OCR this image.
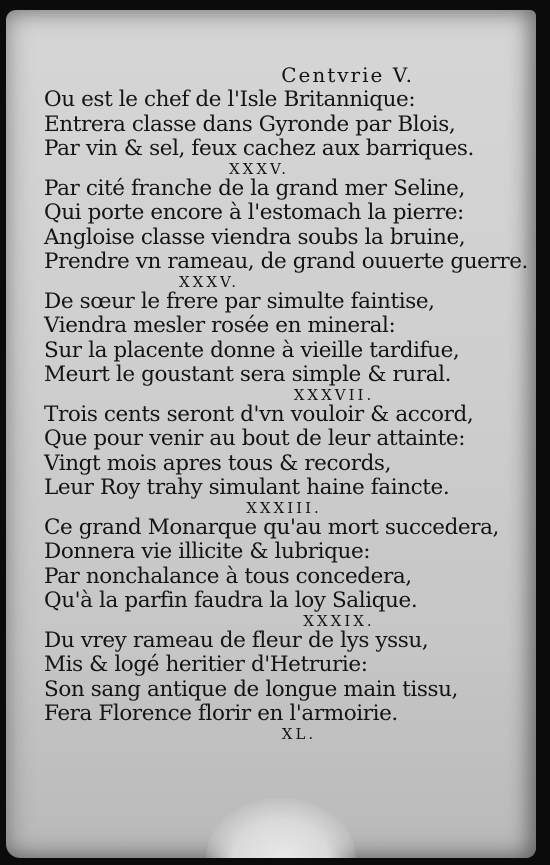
Centvrie V.
Ou est le chef de l'Isle Britannique:
Entrera classe dans Gyronde par Blois,
Par vin & sel, feux cachez aux barriques.
XXXV.
Par cité franche de la grand mer Seline,
Qui porte encore à l'estomach la pierre:
Angloise classe viendra soubs la bruine,
Prendre vn rameau, de grand ouuerte guerre.
XXXV.
De sœur le frere par simulte faintise,
Viendra mesler rosée en mineral:
Sur la placente donne à vieille tardifue,
Meurt le goustant sera simple & rural.
XXXVII.
Trois cents seront d'vn vouloir & accord,
Que pour venir au bout de leur attainte:
Vingt mois apres tous & records,
Leur Roy trahy simulant haine faincte.
XXXIII.
Ce grand Monarque qu'au mort succedera,
Donnera vie illicite & lubrique:
Par nonchalance à tous concedera,
Qu'à la parfin faudra la loy Salique.
XXXIX.
Du vrey rameau de fleur de lys yssu,
Mis & logé heritier d'Hetrurie:
Son sang antique de longue main tissu,
Fera Florence florir en l'armoirie.
XL.
